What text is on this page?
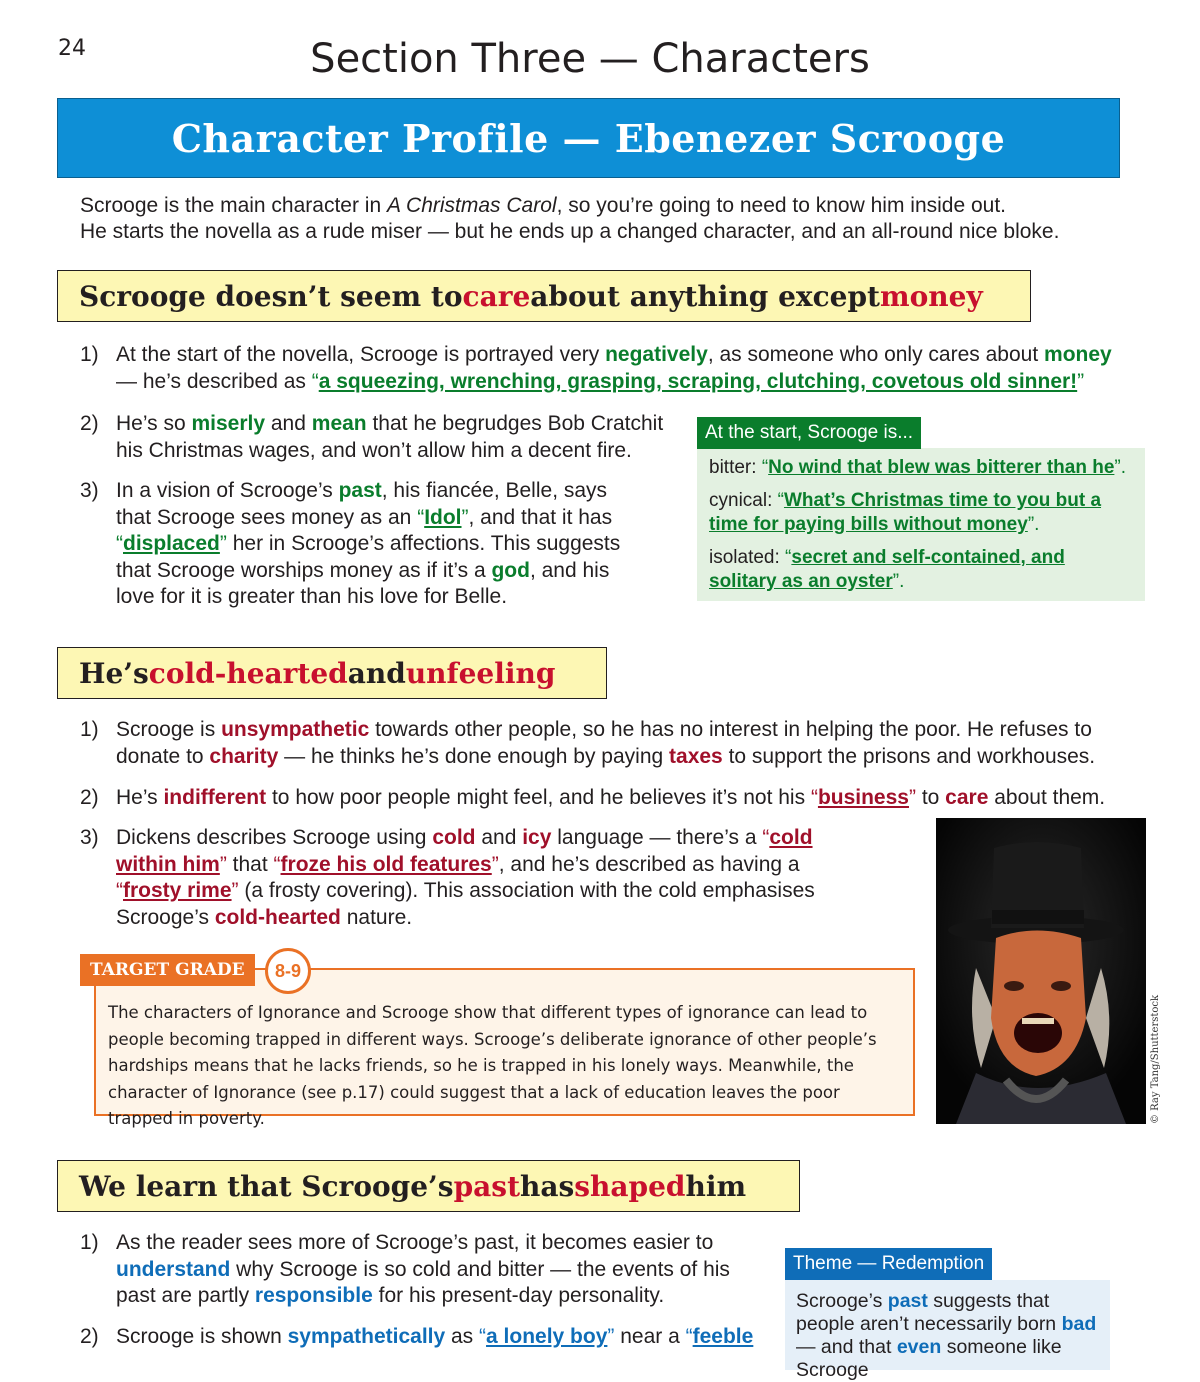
24	Section Three — Characters
Character Profile — Ebenezer Scrooge
Scrooge is the main character in A Christmas Carol, so you’re going to need to know him inside out.
He starts the novella as a rude miser — but he ends up a changed character, and an all-round nice bloke.
Scrooge doesn’t seem to care about anything except money
1) At the start of the novella, Scrooge is portrayed very negatively, as someone who only cares about money — he’s described as “a squeezing, wrenching, grasping, scraping, clutching, covetous old sinner!”
2) He’s so miserly and mean that he begrudges Bob Cratchit his Christmas wages, and won’t allow him a decent fire.
3) In a vision of Scrooge’s past, his fiancée, Belle, says that Scrooge sees money as an “Idol”, and that it has “displaced” her in Scrooge’s affections. This suggests that Scrooge worships money as if it’s a god, and his love for it is greater than his love for Belle.
At the start, Scrooge is...

bitter: “No wind that blew was bitterer than he”.

cynical: “What’s Christmas time to you but a time for paying bills without money”.

isolated: “secret and self-contained, and solitary as an oyster”.

He’s cold-hearted and unfeeling
1) Scrooge is unsympathetic towards other people, so he has no interest in helping the poor. He refuses to donate to charity — he thinks he’s done enough by paying taxes to support the prisons and workhouses.
2) He’s indifferent to how poor people might feel, and he believes it’s not his “business” to care about them.
3) Dickens describes Scrooge using cold and icy language — there’s a “cold within him” that “froze his old features”, and he’s described as having a “frosty rime” (a frosty covering). This association with the cold emphasises Scrooge’s cold-hearted nature.
© Ray Tang/Shutterstock
TARGET GRADE	8-9
The characters of Ignorance and Scrooge show that different types of ignorance can lead to people becoming trapped in different ways. Scrooge’s deliberate ignorance of other people’s hardships means that he lacks friends, so he is trapped in his lonely ways. Meanwhile, the character of Ignorance (see p.17) could suggest that a lack of education leaves the poor trapped in poverty.
We learn that Scrooge’s past has shaped him
1) As the reader sees more of Scrooge’s past, it becomes easier to understand why Scrooge is so cold and bitter — the events of his past are partly responsible for his present-day personality.
2) Scrooge is shown sympathetically as “a lonely boy” near a “feeble
Theme — Redemption
Scrooge’s past suggests that people aren’t necessarily born bad — and that even someone like Scrooge
